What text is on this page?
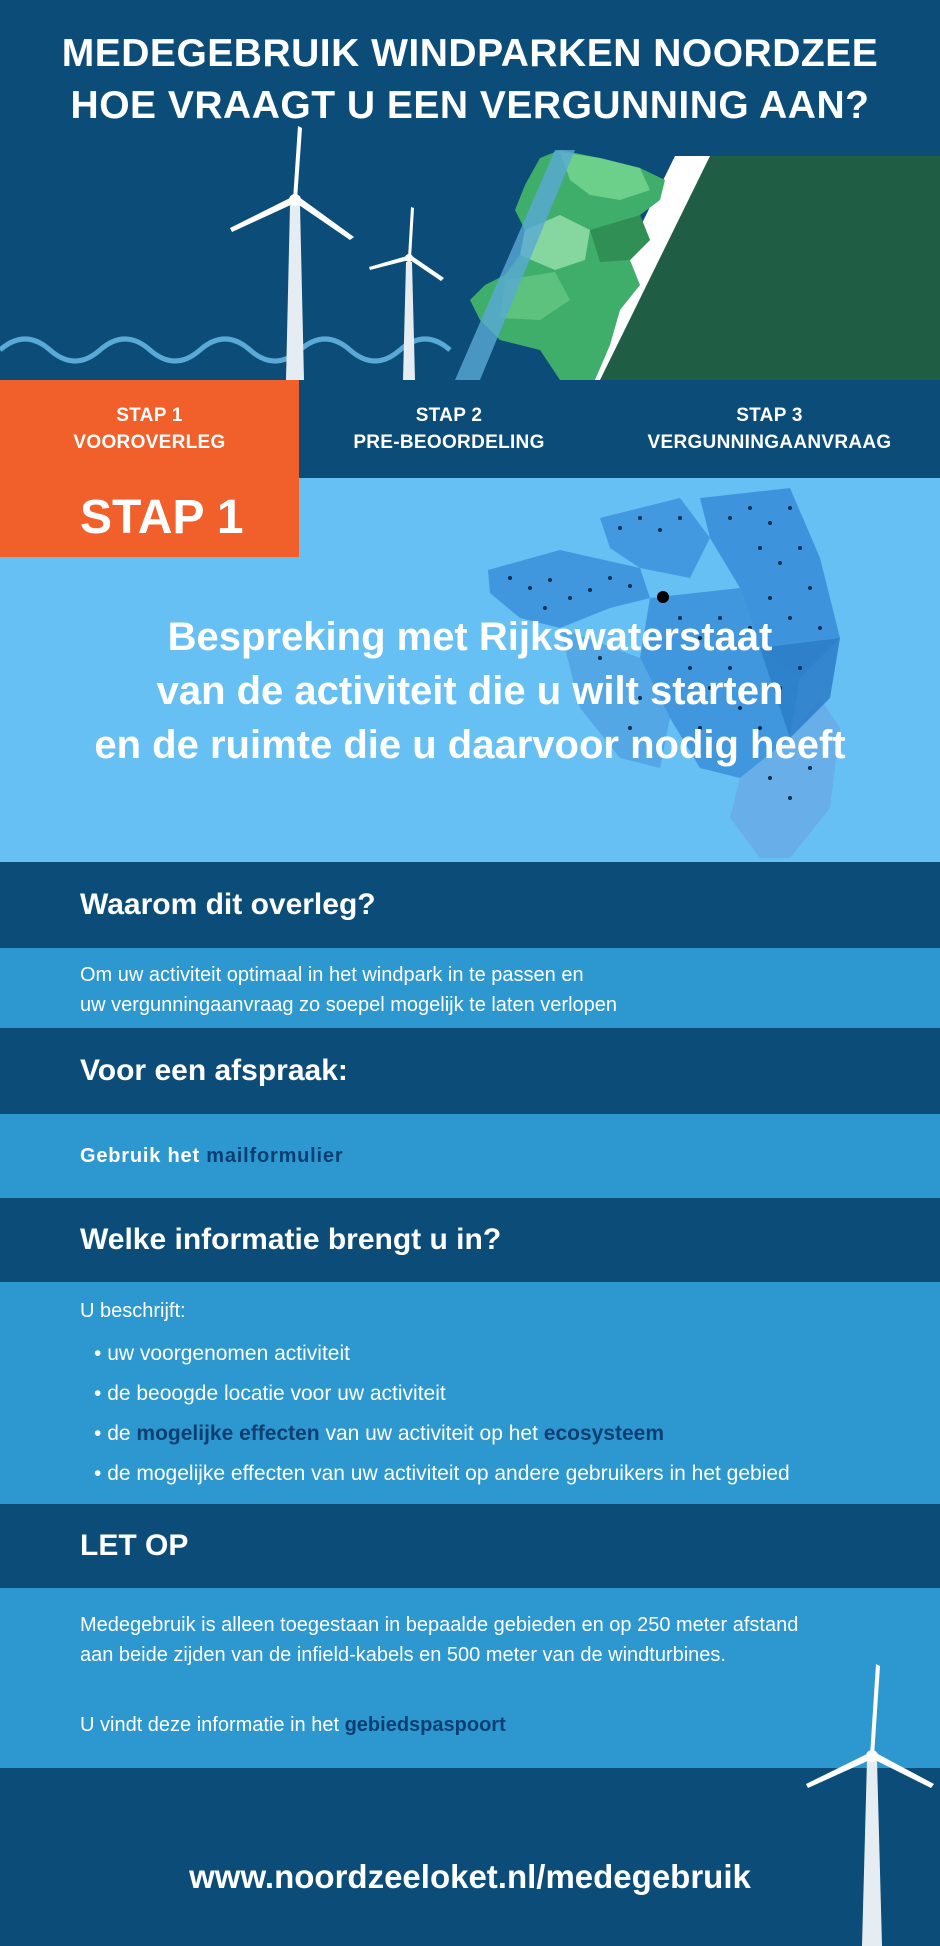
MEDEGEBRUIK WINDPARKEN NOORDZEE
HOE VRAAGT U EEN VERGUNNING AAN?
STAP 1
VOOROVERLEG
STAP 2
PRE-BEOORDELING
STAP 3
VERGUNNINGAANVRAAG
Bespreking met Rijkswaterstaat
van de activiteit die u wilt starten
en de ruimte die u daarvoor nodig heeft
STAP 1
Waarom dit overleg?

Om uw activiteit optimaal in het windpark in te passen en

uw vergunningaanvraag zo soepel mogelijk te laten verlopen

Voor een afspraak:
Gebruik het
mailformulier
Welke informatie brengt u in?

U beschrijft:

• uw voorgenomen activiteit
• de beoogde locatie voor uw activiteit
• de mogelijke effecten van uw activiteit op het ecosysteem
• de mogelijke effecten van uw activiteit op andere gebruikers in het gebied
LET OP

Medegebruik is alleen toegestaan in bepaalde gebieden en op 250 meter afstand

aan beide zijden van de infield-kabels en 500 meter van de windturbines.

U vindt deze informatie in het gebiedspaspoort

www.noordzeeloket.nl/medegebruik
